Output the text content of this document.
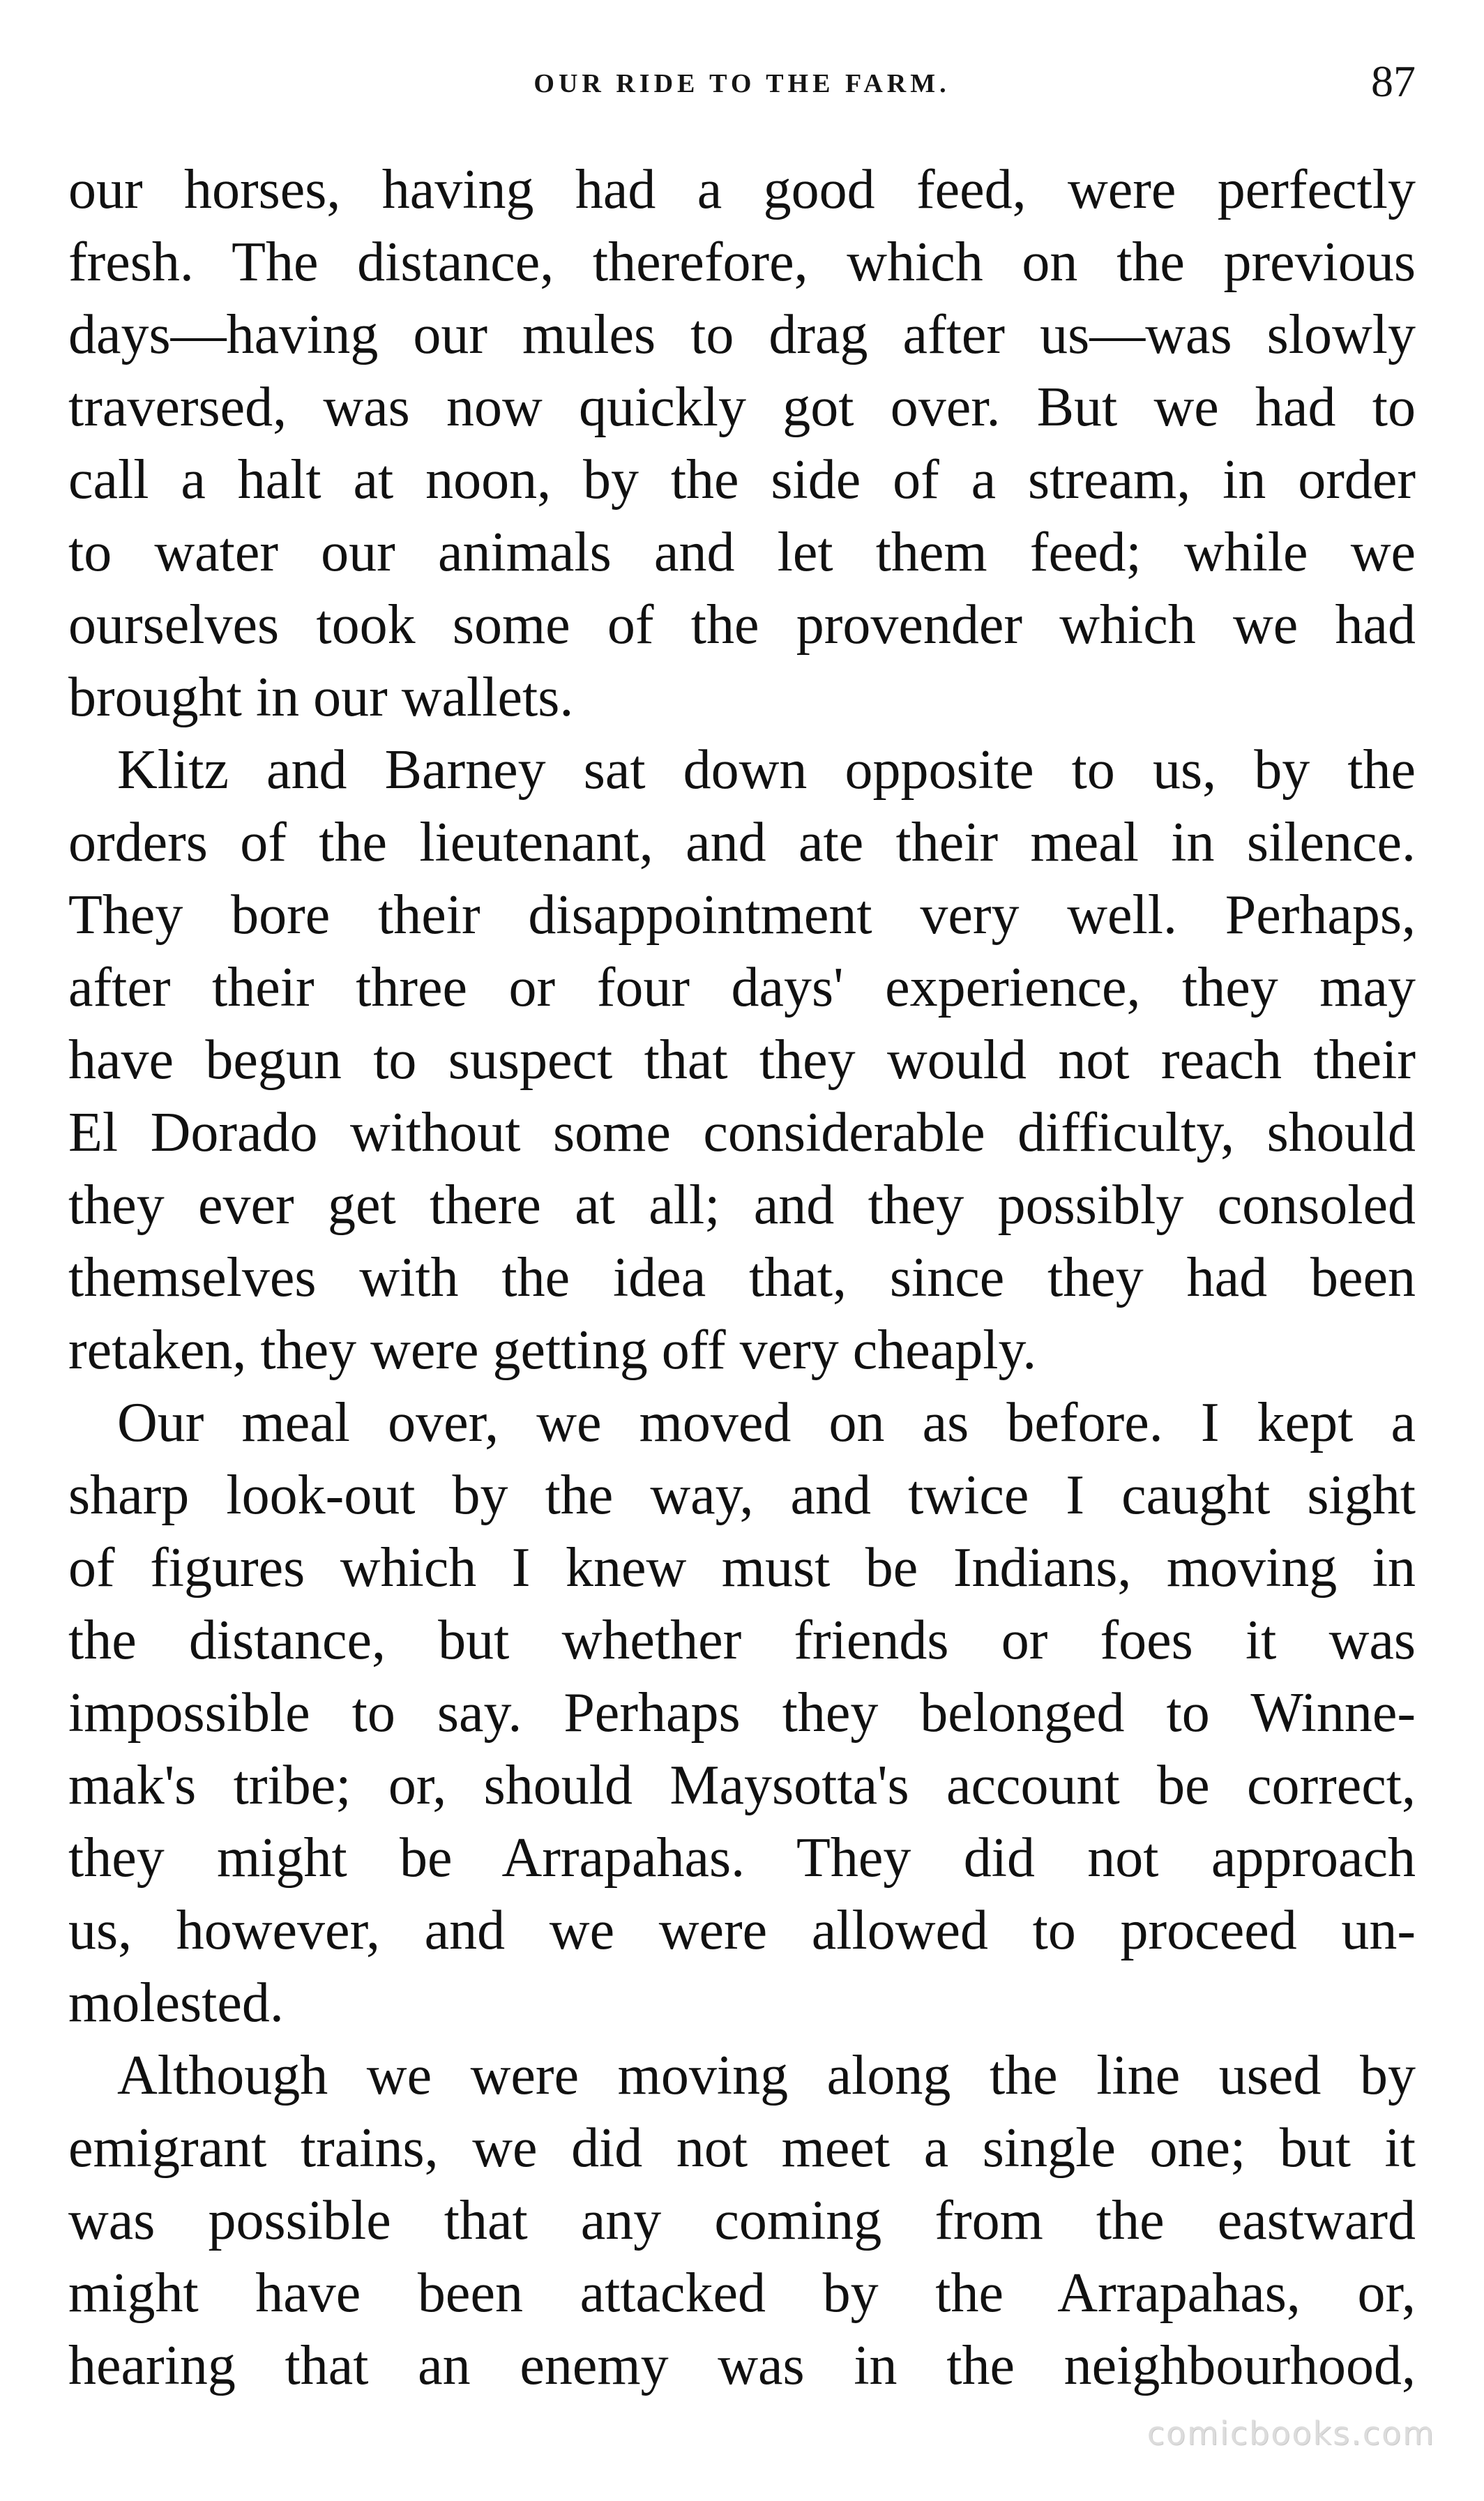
OUR RIDE TO THE FARM.	87
our horses, having had a good feed, were perfectly
fresh. The distance, therefore, which on the previous
days—having our mules to drag after us—was slowly
traversed, was now quickly got over. But we had to
call a halt at noon, by the side of a stream, in order
to water our animals and let them feed; while we
ourselves took some of the provender which we had
brought in our wallets.
Klitz and Barney sat down opposite to us, by the
orders of the lieutenant, and ate their meal in silence.
They bore their disappointment very well. Perhaps,
after their three or four days' experience, they may
have begun to suspect that they would not reach their
El Dorado without some considerable difficulty, should
they ever get there at all; and they possibly consoled
themselves with the idea that, since they had been
retaken, they were getting off very cheaply.
Our meal over, we moved on as before. I kept a
sharp look-out by the way, and twice I caught sight
of figures which I knew must be Indians, moving in
the distance, but whether friends or foes it was
impossible to say. Perhaps they belonged to Winne-
mak's tribe; or, should Maysotta's account be correct,
they might be Arrapahas. They did not approach
us, however, and we were allowed to proceed un-
molested.
Although we were moving along the line used by
emigrant trains, we did not meet a single one; but it
was possible that any coming from the eastward
might have been attacked by the Arrapahas, or,
hearing that an enemy was in the neighbourhood,
comicbooks.com
